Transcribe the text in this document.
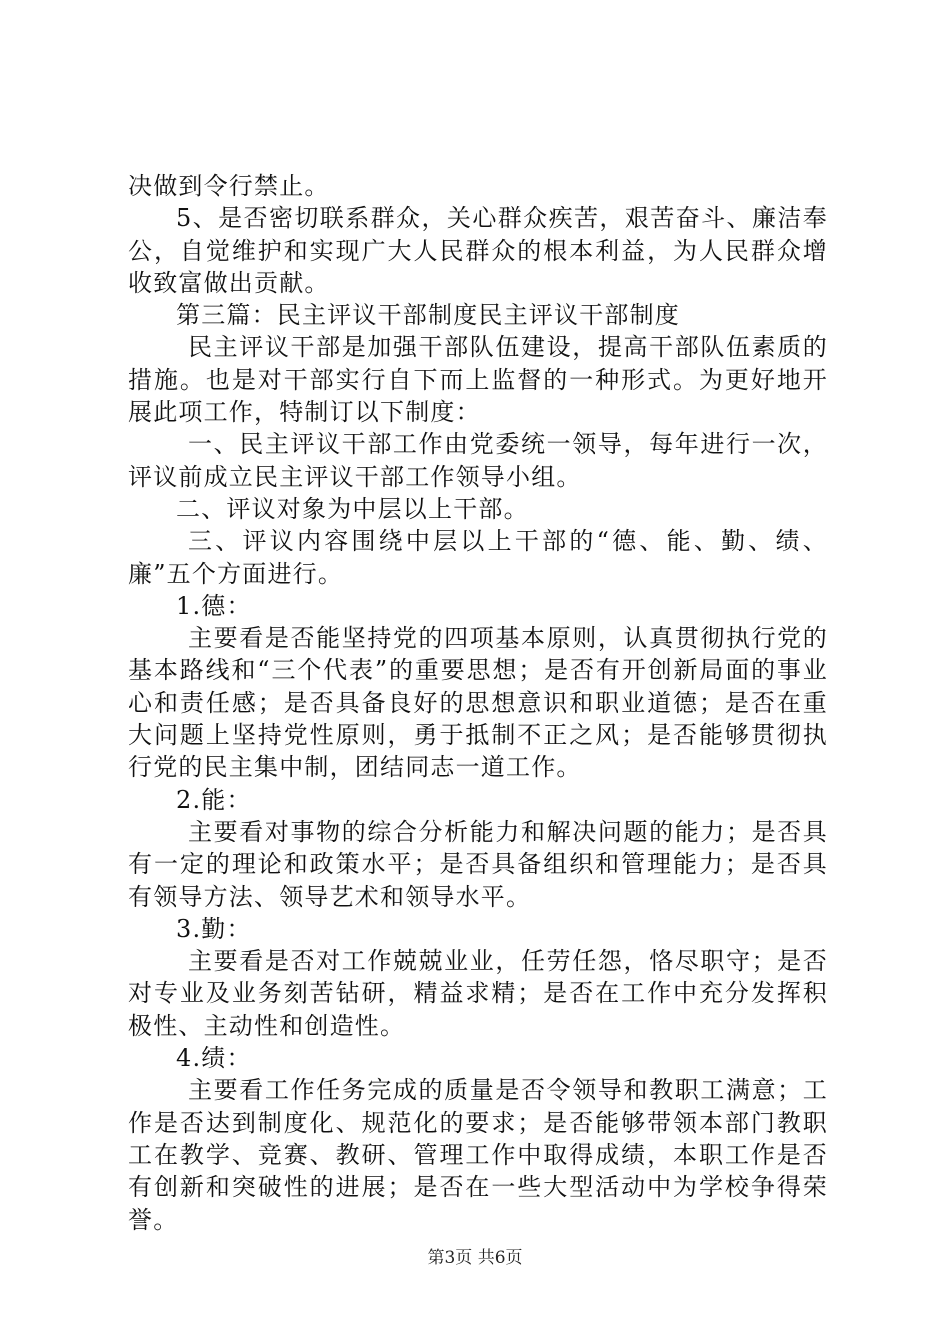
决做到令行禁止。

5、是否密切联系群众，关心群众疾苦，艰苦奋斗、廉洁奉公，自觉维护和实现广大人民群众的根本利益，为人民群众增收致富做出贡献。

第三篇：民主评议干部制度民主评议干部制度

民主评议干部是加强干部队伍建设，提高干部队伍素质的措施。也是对干部实行自下而上监督的一种形式。为更好地开展此项工作，特制订以下制度：

一、民主评议干部工作由党委统一领导，每年进行一次，评议前成立民主评议干部工作领导小组。

二、评议对象为中层以上干部。

三、评议内容围绕中层以上干部的“德、能、勤、绩、廉”五个方面进行。

1.德：

主要看是否能坚持党的四项基本原则，认真贯彻执行党的基本路线和“三个代表”的重要思想；是否有开创新局面的事业心和责任感；是否具备良好的思想意识和职业道德；是否在重大问题上坚持党性原则，勇于抵制不正之风；是否能够贯彻执行党的民主集中制，团结同志一道工作。

2.能：

主要看对事物的综合分析能力和解决问题的能力；是否具有一定的理论和政策水平；是否具备组织和管理能力；是否具有领导方法、领导艺术和领导水平。

3.勤：

主要看是否对工作兢兢业业，任劳任怨，恪尽职守；是否对专业及业务刻苦钻研，精益求精；是否在工作中充分发挥积极性、主动性和创造性。

4.绩：

主要看工作任务完成的质量是否令领导和教职工满意；工作是否达到制度化、规范化的要求；是否能够带领本部门教职工在教学、竞赛、教研、管理工作中取得成绩，本职工作是否有创新和突破性的进展；是否在一些大型活动中为学校争得荣誉。

第3页 共6页
